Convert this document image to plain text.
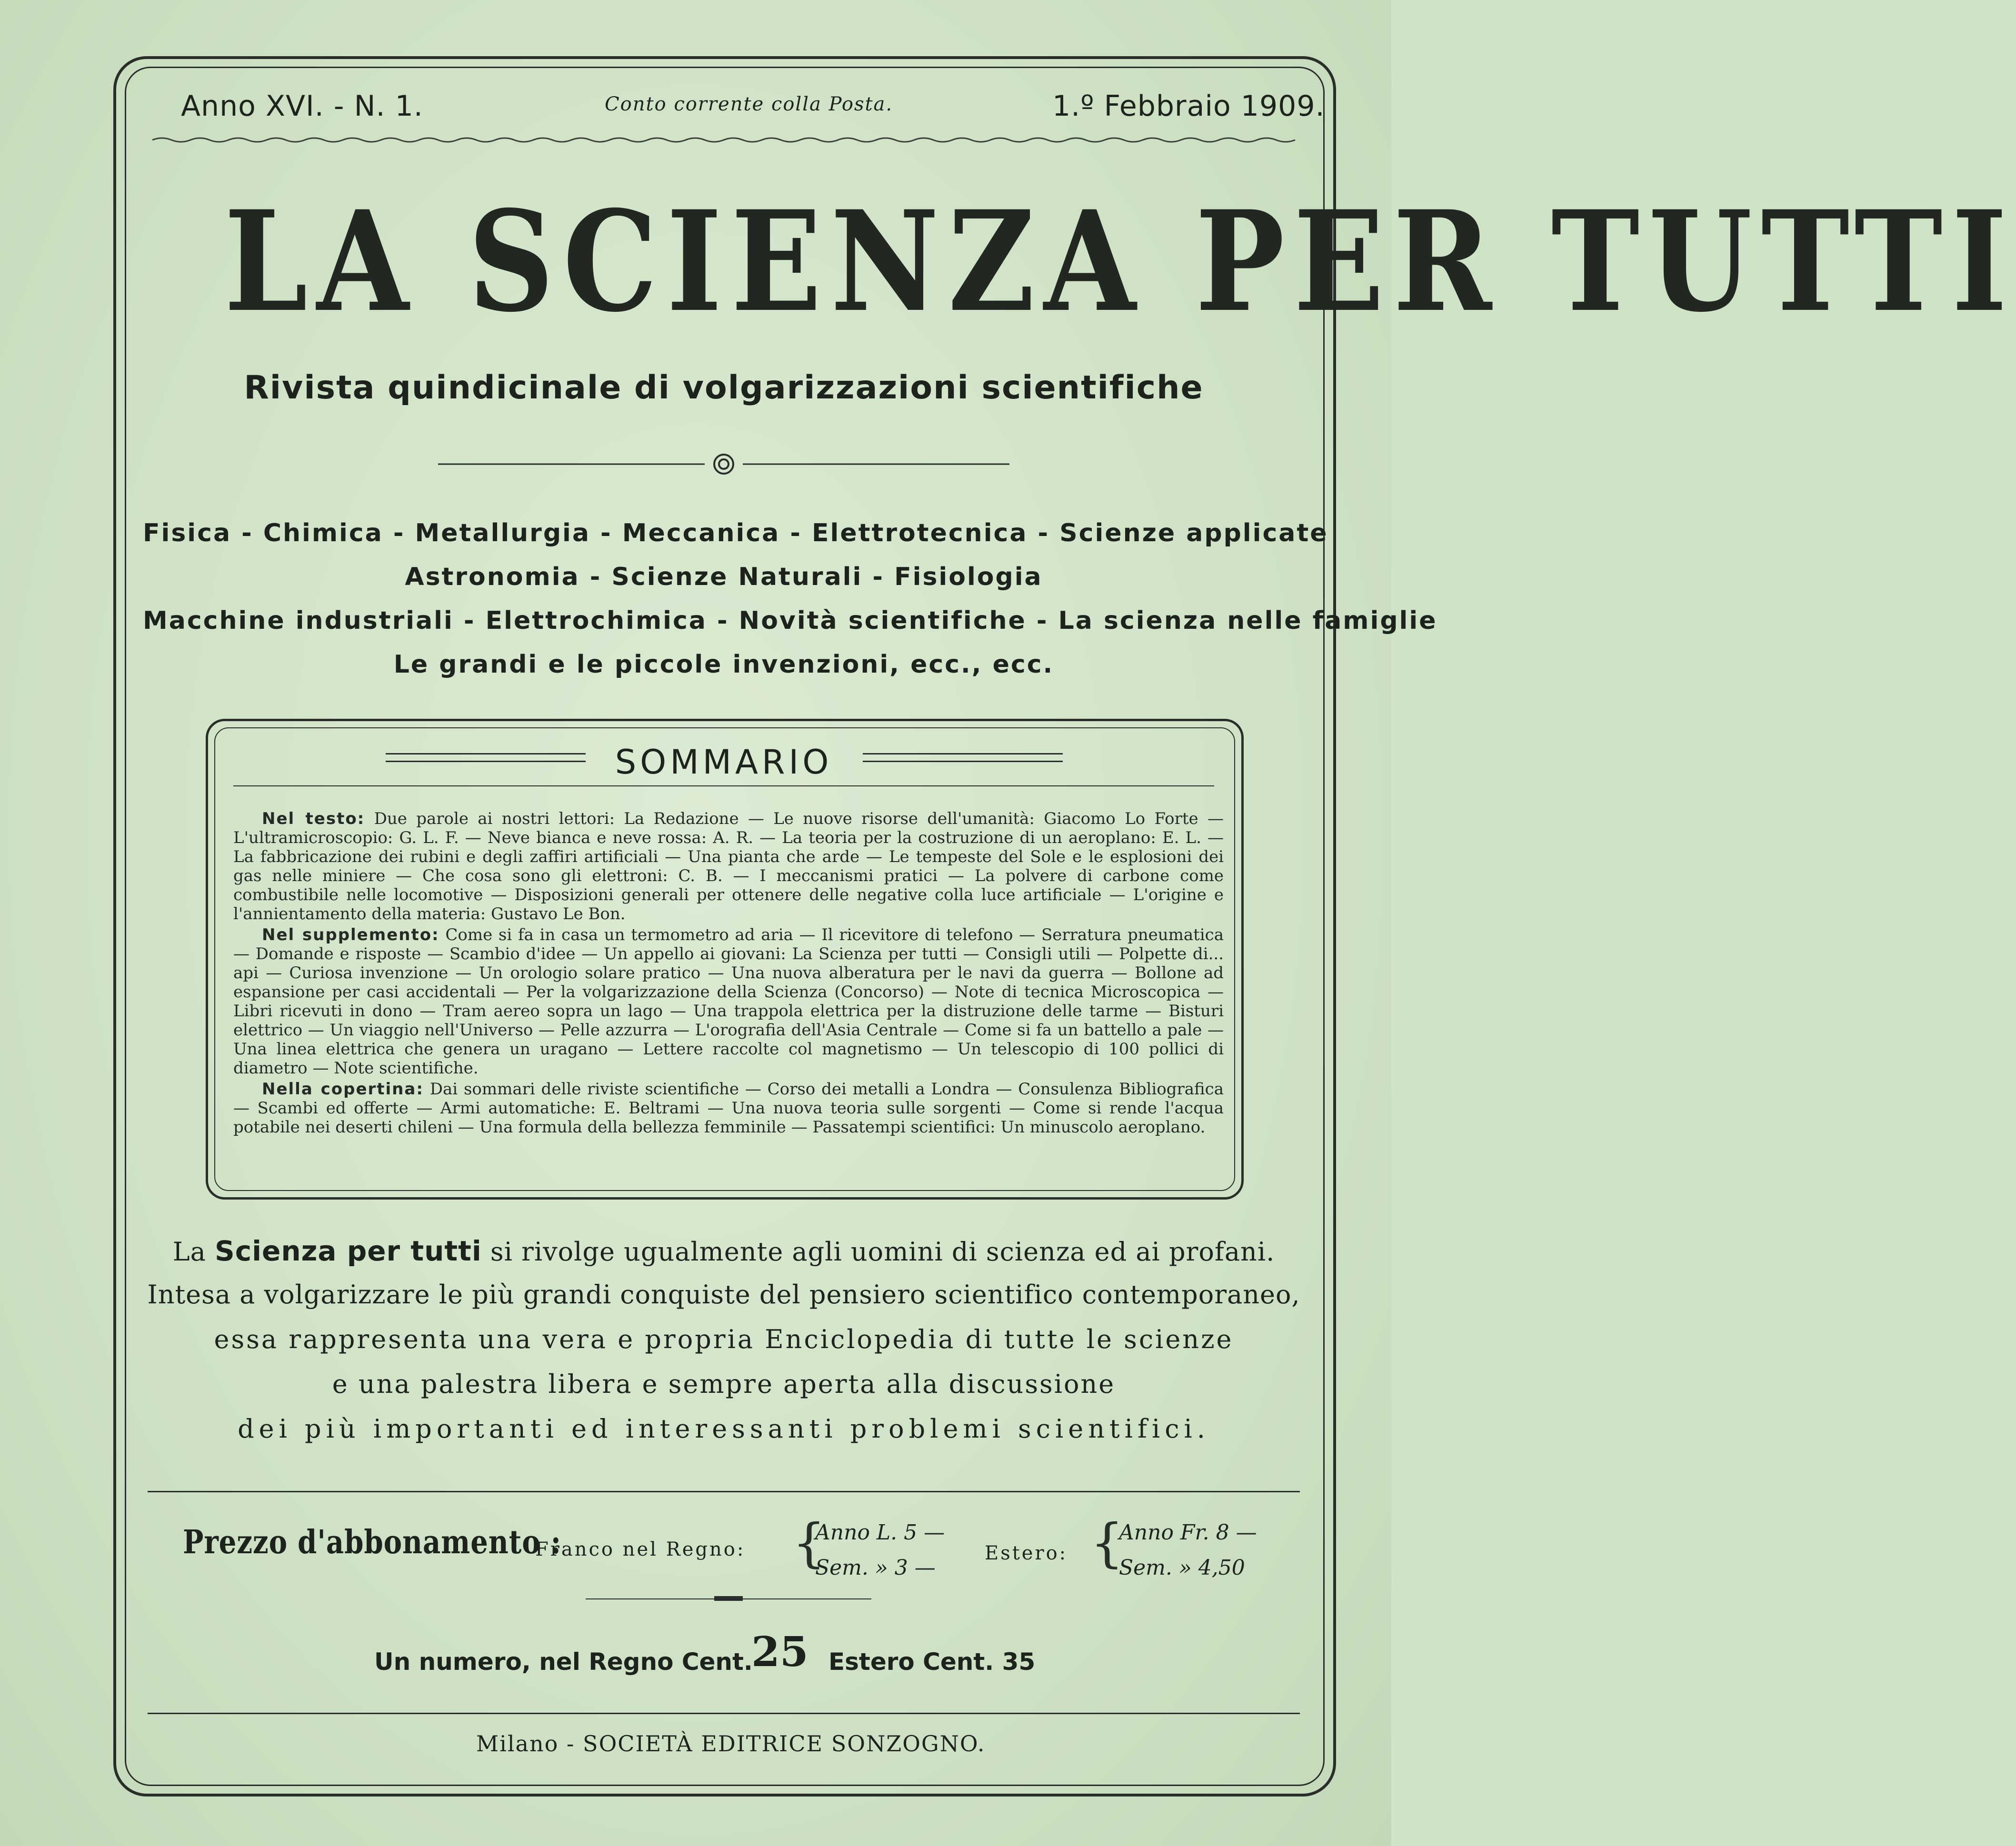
Anno XVI. - N. 1.	Conto corrente colla Posta.	1.º Febbraio 1909.
LA SCIENZA PER TUTTI
Rivista quindicinale di volgarizzazioni scientifiche
Fisica - Chimica - Metallurgia - Meccanica - Elettrotecnica - Scienze applicate
Astronomia - Scienze Naturali - Fisiologia
Macchine industriali - Elettrochimica - Novità scientifiche - La scienza nelle famiglie
Le grandi e le piccole invenzioni, ecc., ecc.
SOMMARIO

Nel testo: Due parole ai nostri lettori: La Redazione — Le nuove risorse dell'umanità: Giacomo Lo Forte — L'ultramicroscopio: G. L. F. — Neve bianca e neve rossa: A. R. — La teoria per la costruzione di un aeroplano: E. L. — La fabbricazione dei rubini e degli zaffiri artificiali — Una pianta che arde — Le tempeste del Sole e le esplosioni dei gas nelle miniere — Che cosa sono gli elettroni: C. B. — I meccanismi pratici — La polvere di carbone come combustibile nelle locomotive — Disposizioni generali per ottenere delle negative colla luce artificiale — L'origine e l'annientamento della materia: Gustavo Le Bon.

Nel supplemento: Come si fa in casa un termometro ad aria — Il ricevitore di telefono — Serratura pneumatica — Domande e risposte — Scambio d'idee — Un appello ai giovani: La Scienza per tutti — Consigli utili — Polpette di... api — Curiosa invenzione — Un orologio solare pratico — Una nuova alberatura per le navi da guerra — Bollone ad espansione per casi accidentali — Per la volgarizzazione della Scienza (Concorso) — Note di tecnica Microscopica — Libri ricevuti in dono — Tram aereo sopra un lago — Una trappola elettrica per la distruzione delle tarme — Bisturi elettrico — Un viaggio nell'Universo — Pelle azzurra — L'orografia dell'Asia Centrale — Come si fa un battello a pale — Una linea elettrica che genera un uragano — Lettere raccolte col magnetismo — Un telescopio di 100 pollici di diametro — Note scientifiche.

Nella copertina: Dai sommari delle riviste scientifiche — Corso dei metalli a Londra — Consulenza Bibliografica — Scambi ed offerte — Armi automatiche: E. Beltrami — Una nuova teoria sulle sorgenti — Come si rende l'acqua potabile nei deserti chileni — Una formula della bellezza femminile — Passatempi scientifici: Un minuscolo aeroplano.

La Scienza per tutti si rivolge ugualmente agli uomini di scienza ed ai profani.
Intesa a volgarizzare le più grandi conquiste del pensiero scientifico contemporaneo,
essa rappresenta una vera e propria Enciclopedia di tutte le scienze
e una palestra libera e sempre aperta alla discussione
dei più importanti ed interessanti problemi scientifici.
Prezzo d'abbonamento :
Franco nel Regno: {
Anno L. 5 —
Sem. » 3 —
Estero: {
Anno Fr. 8 —
Sem. » 4,50
Un numero, nel Regno Cent.
25 Estero Cent. 35
Milano - SOCIETÀ EDITRICE SONZOGNO.
